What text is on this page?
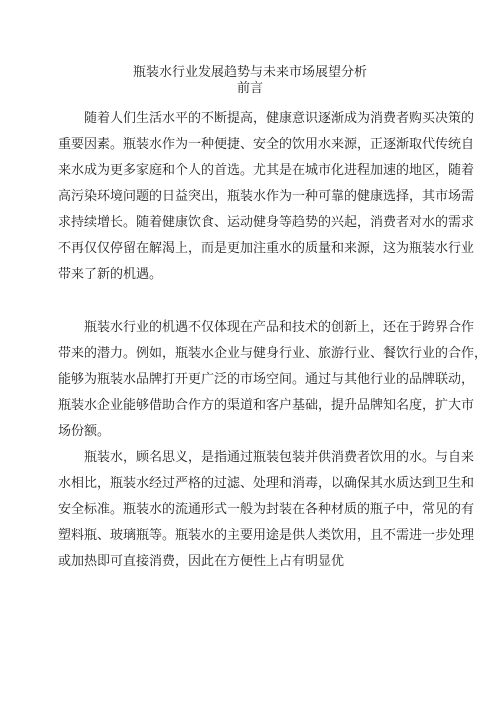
瓶装水行业发展趋势与未来市场展望分析
前言
随着人们生活水平的不断提高，健康意识逐渐成为消费者购买决策的
重要因素。瓶装水作为一种便捷、安全的饮用水来源，正逐渐取代传统自
来水成为更多家庭和个人的首选。尤其是在城市化进程加速的地区，随着
高污染环境问题的日益突出，瓶装水作为一种可靠的健康选择，其市场需
求持续增长。随着健康饮食、运动健身等趋势的兴起，消费者对水的需求
不再仅仅停留在解渴上，而是更加注重水的质量和来源，这为瓶装水行业
带来了新的机遇。
瓶装水行业的机遇不仅体现在产品和技术的创新上，还在于跨界合作
带来的潜力。例如，瓶装水企业与健身行业、旅游行业、餐饮行业的合作，
能够为瓶装水品牌打开更广泛的市场空间。通过与其他行业的品牌联动，
瓶装水企业能够借助合作方的渠道和客户基础，提升品牌知名度，扩大市
场份额。
瓶装水，顾名思义，是指通过瓶装包装并供消费者饮用的水。与自来
水相比，瓶装水经过严格的过滤、处理和消毒，以确保其水质达到卫生和
安全标准。瓶装水的流通形式一般为封装在各种材质的瓶子中，常见的有
塑料瓶、玻璃瓶等。瓶装水的主要用途是供人类饮用，且不需进一步处理
或加热即可直接消费，因此在方便性上占有明显优
